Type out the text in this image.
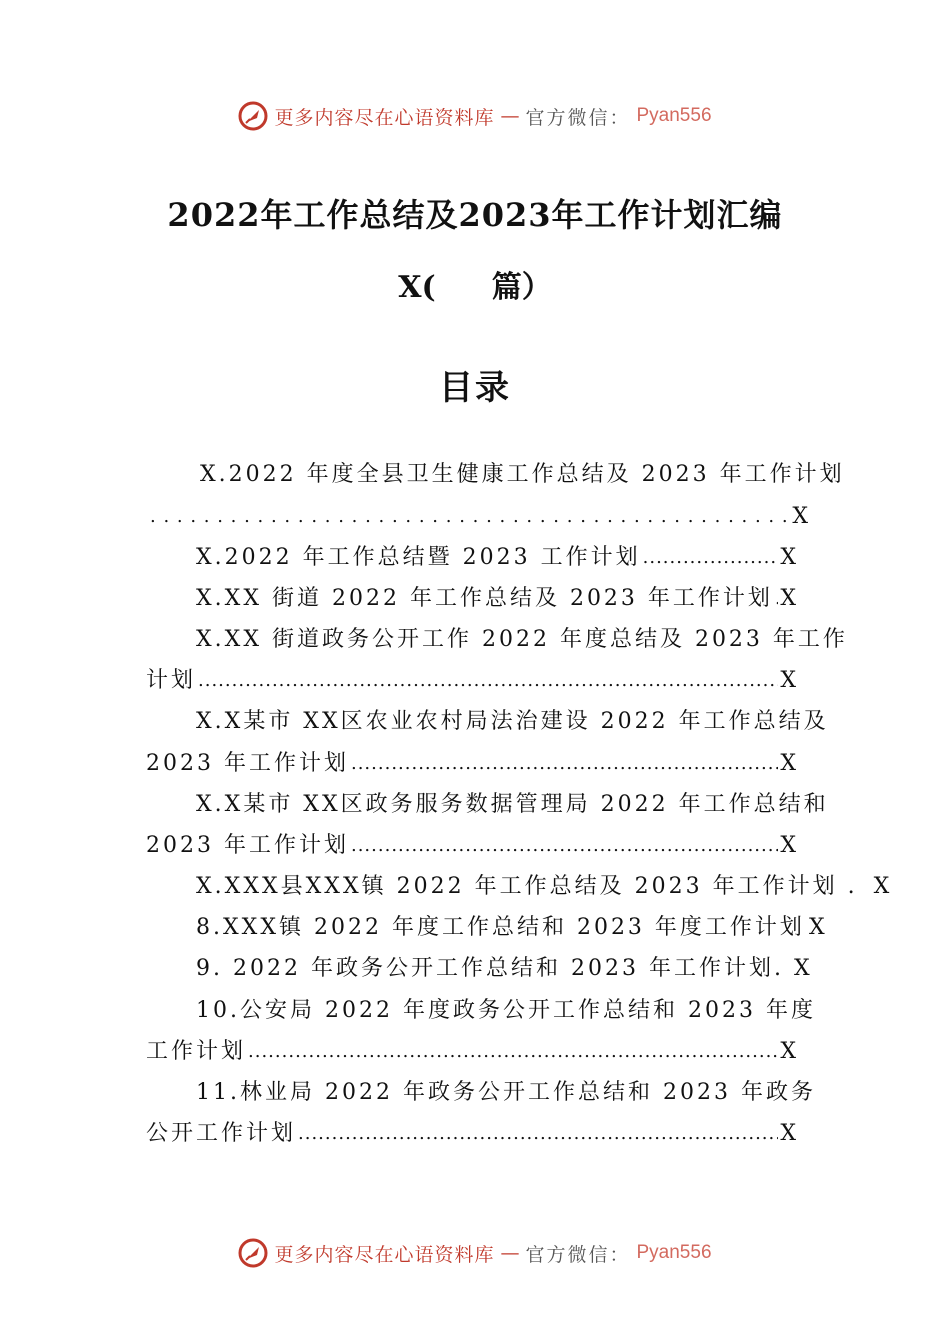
更多内容尽在心语资料库 — 官方微信： Pyan556
2022年工作总结及2023年工作计划汇编
X( 篇）
目录
X.2022 年度全县卫生健康工作总结及 2023 年工作计划
. . .
X
X.2022 年工作总结暨 2023 工作计划 .....	X
X.XX 街道 2022 年工作总结及 2023 年工作计划 ..... X
X.XX 街道政务公开工作 2022 年度总结及 2023 年工作
计划 .....	X
X.X某市 XX区农业农村局法治建设 2022 年工作总结及
2023 年工作计划 .....	X
X.X某市 XX区政务服务数据管理局 2022 年工作总结和
2023 年工作计划 .....	X
X.XXX县XXX镇 2022 年工作总结及 2023 年工作计划 . X
8.XXX镇 2022 年度工作总结和 2023 年度工作计划 X
9. 2022 年政务公开工作总结和 2023 年工作计划. X
10.公安局 2022 年度政务公开工作总结和 2023 年度
工作计划 .....	X
11.林业局 2022 年政务公开工作总结和 2023 年政务
公开工作计划 .....	X
更多内容尽在心语资料库 — 官方微信： Pyan556
